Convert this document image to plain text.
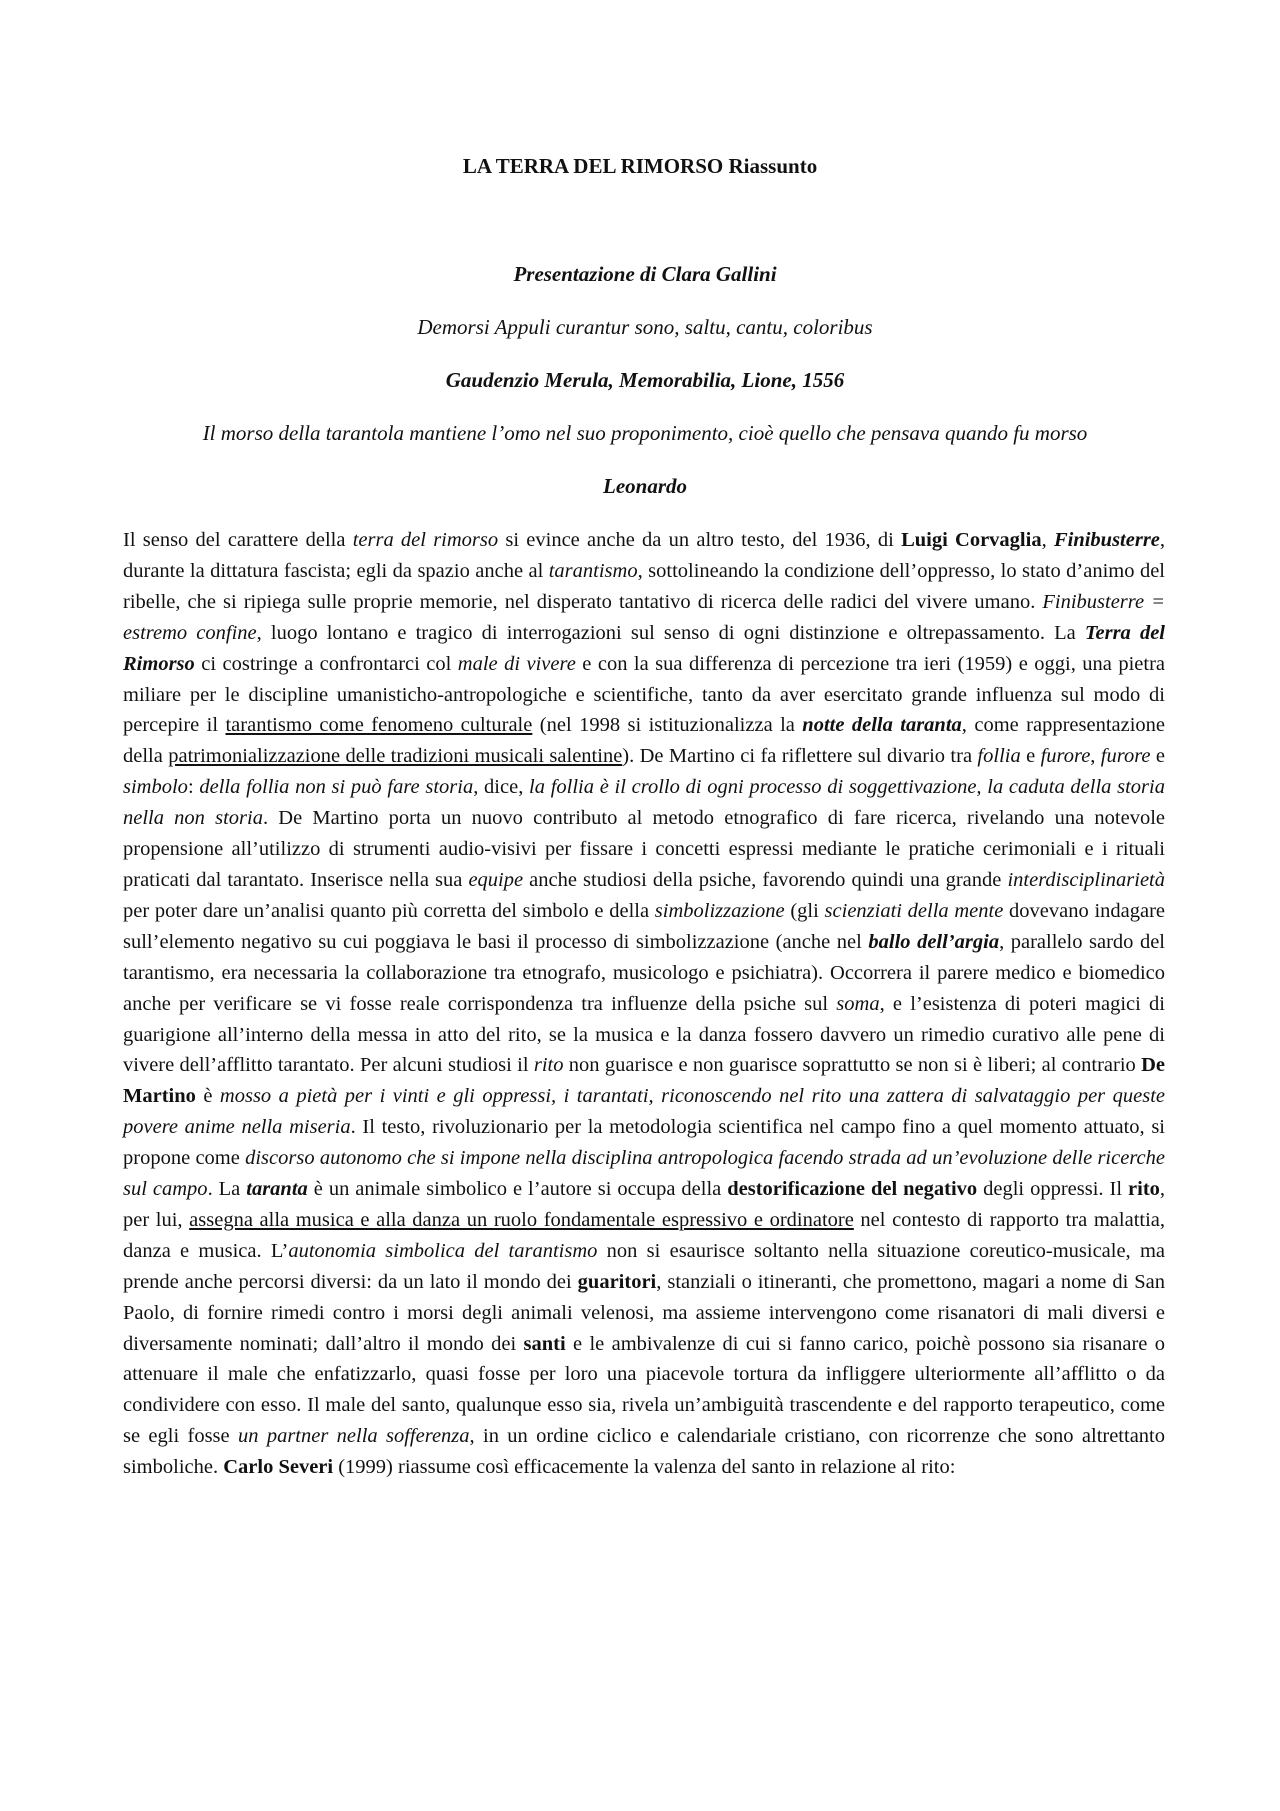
LA TERRA DEL RIMORSO Riassunto
Presentazione di Clara Gallini
Demorsi Appuli curantur sono, saltu, cantu, coloribus
Gaudenzio Merula, Memorabilia, Lione, 1556
Il morso della tarantola mantiene l’omo nel suo proponimento, cioè quello che pensava quando fu morso
Leonardo

Il senso del carattere della terra del rimorso si evince anche da un altro testo, del 1936, di Luigi Corvaglia, Finibusterre, durante la dittatura fascista; egli da spazio anche al tarantismo, sottolineando la condizione dell’oppresso, lo stato d’animo del ribelle, che si ripiega sulle proprie memorie, nel disperato tantativo di ricerca delle radici del vivere umano. Finibusterre = estremo confine, luogo lontano e tragico di interrogazioni sul senso di ogni distinzione e oltrepassamento. La Terra del Rimorso ci costringe a confrontarci col male di vivere e con la sua differenza di percezione tra ieri (1959) e oggi, una pietra miliare per le discipline umanisticho-antropologiche e scientifiche, tanto da aver esercitato grande influenza sul modo di percepire il tarantismo come fenomeno culturale (nel 1998 si istituzionalizza la notte della taranta, come rappresentazione della patrimonializzazione delle tradizioni musicali salentine). De Martino ci fa riflettere sul divario tra follia e furore, furore e simbolo: della follia non si può fare storia, dice, la follia è il crollo di ogni processo di soggettivazione, la caduta della storia nella non storia. De Martino porta un nuovo contributo al metodo etnografico di fare ricerca, rivelando una notevole propensione all’utilizzo di strumenti audio-visivi per fissare i concetti espressi mediante le pratiche cerimoniali e i rituali praticati dal tarantato. Inserisce nella sua equipe anche studiosi della psiche, favorendo quindi una grande interdisciplinarietà per poter dare un’analisi quanto più corretta del simbolo e della simbolizzazione (gli scienziati della mente dovevano indagare sull’elemento negativo su cui poggiava le basi il processo di simbolizzazione (anche nel ballo dell’argia, parallelo sardo del tarantismo, era necessaria la collaborazione tra etnografo, musicologo e psichiatra). Occorrera il parere medico e biomedico anche per verificare se vi fosse reale corrispondenza tra influenze della psiche sul soma, e l’esistenza di poteri magici di guarigione all’interno della messa in atto del rito, se la musica e la danza fossero davvero un rimedio curativo alle pene di vivere dell’afflitto tarantato. Per alcuni studiosi il rito non guarisce e non guarisce soprattutto se non si è liberi; al contrario De Martino è mosso a pietà per i vinti e gli oppressi, i tarantati, riconoscendo nel rito una zattera di salvataggio per queste povere anime nella miseria. Il testo, rivoluzionario per la metodologia scientifica nel campo fino a quel momento attuato, si propone come discorso autonomo che si impone nella disciplina antropologica facendo strada ad un’evoluzione delle ricerche sul campo. La taranta è un animale simbolico e l’autore si occupa della destorificazione del negativo degli oppressi. Il rito, per lui, assegna alla musica e alla danza un ruolo fondamentale espressivo e ordinatore nel contesto di rapporto tra malattia, danza e musica. L’autonomia simbolica del tarantismo non si esaurisce soltanto nella situazione coreutico-musicale, ma prende anche percorsi diversi: da un lato il mondo dei guaritori, stanziali o itineranti, che promettono, magari a nome di San Paolo, di fornire rimedi contro i morsi degli animali velenosi, ma assieme intervengono come risanatori di mali diversi e diversamente nominati; dall’altro il mondo dei santi e le ambivalenze di cui si fanno carico, poichè possono sia risanare o attenuare il male che enfatizzarlo, quasi fosse per loro una piacevole tortura da infliggere ulteriormente all’afflitto o da condividere con esso. Il male del santo, qualunque esso sia, rivela un’ambiguità trascendente e del rapporto terapeutico, come se egli fosse un partner nella sofferenza, in un ordine ciclico e calendariale cristiano, con ricorrenze che sono altrettanto simboliche. Carlo Severi (1999) riassume così efficacemente la valenza del santo in relazione al rito:
